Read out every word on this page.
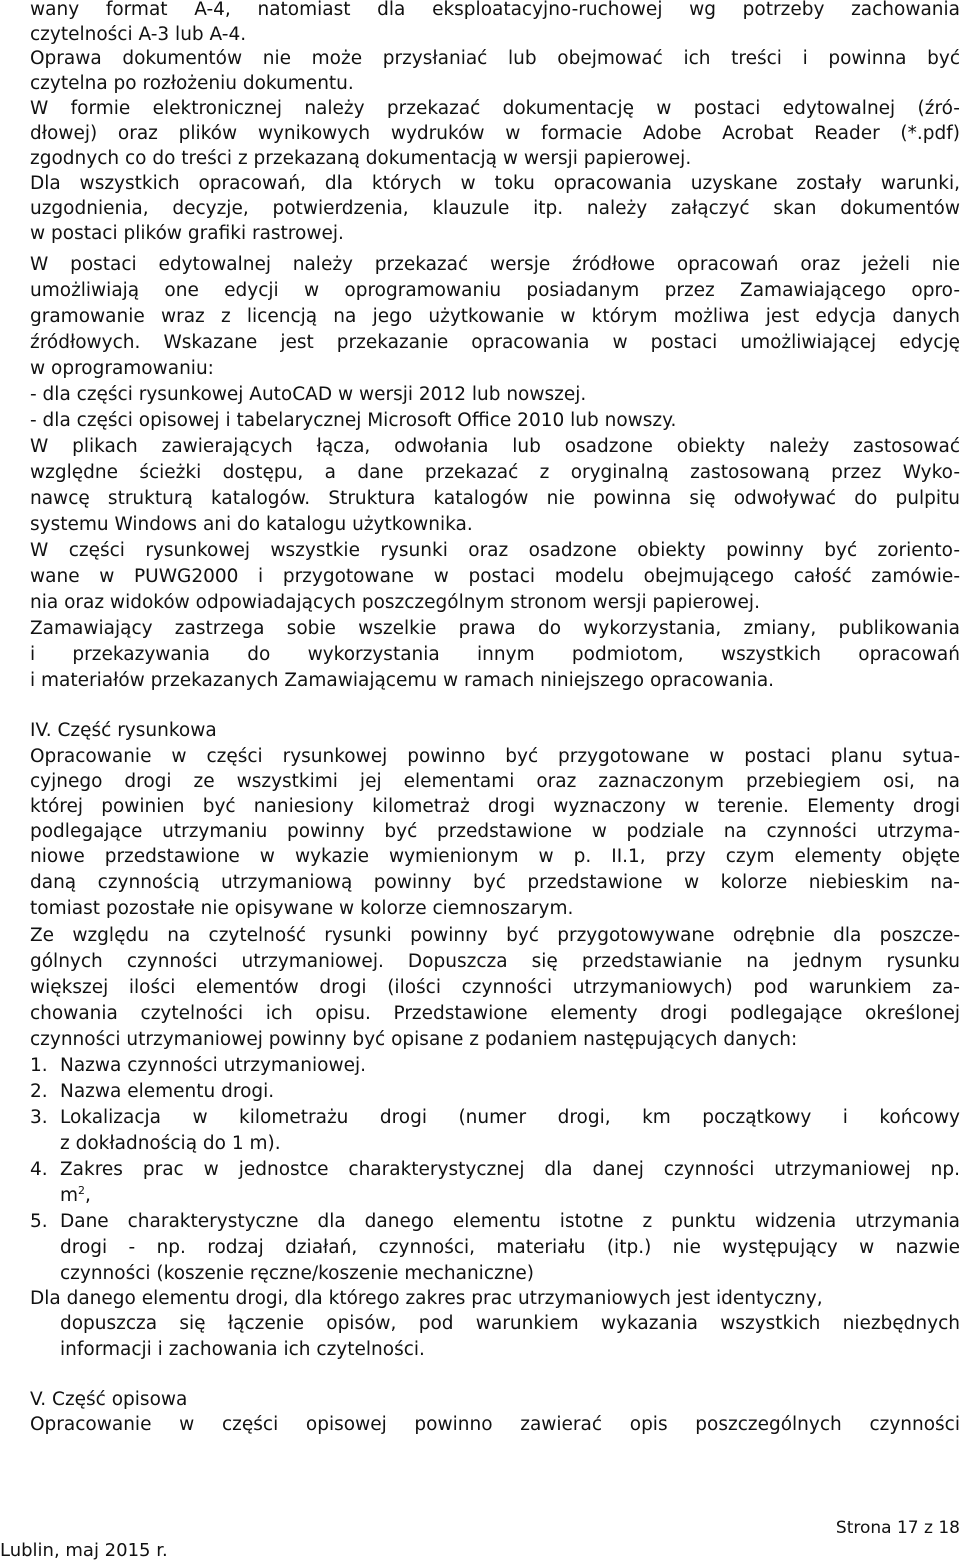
wany format A-4, natomiast dla eksploatacyjno-ruchowej wg potrzeby zachowania
czytelności A-3 lub A-4.
Oprawa dokumentów nie może przysłaniać lub obejmować ich treści i powinna być
czytelna po rozłożeniu dokumentu.
W formie elektronicznej należy przekazać dokumentację w postaci edytowalnej (źró-
dłowej) oraz plików wynikowych wydruków w formacie Adobe Acrobat Reader (*.pdf)
zgodnych co do treści z przekazaną dokumentacją w wersji papierowej.
Dla wszystkich opracowań, dla których w toku opracowania uzyskane zostały warunki,
uzgodnienia, decyzje, potwierdzenia, klauzule itp. należy załączyć skan dokumentów
w postaci plików grafiki rastrowej.
W postaci edytowalnej należy przekazać wersje źródłowe opracowań oraz jeżeli nie
umożliwiają one edycji w oprogramowaniu posiadanym przez Zamawiającego opro-
gramowanie wraz z licencją na jego użytkowanie w którym możliwa jest edycja danych
źródłowych. Wskazane jest przekazanie opracowania w postaci umożliwiającej edycję
w oprogramowaniu:
- dla części rysunkowej AutoCAD w wersji 2012 lub nowszej.
- dla części opisowej i tabelarycznej Microsoft Office 2010 lub nowszy.
W plikach zawierających łącza, odwołania lub osadzone obiekty należy zastosować
względne ścieżki dostępu, a dane przekazać z oryginalną zastosowaną przez Wyko-
nawcę strukturą katalogów. Struktura katalogów nie powinna się odwoływać do pulpitu
systemu Windows ani do katalogu użytkownika.
W części rysunkowej wszystkie rysunki oraz osadzone obiekty powinny być zoriento-
wane w PUWG2000 i przygotowane w postaci modelu obejmującego całość zamówie-
nia oraz widoków odpowiadających poszczególnym stronom wersji papierowej.
Zamawiający zastrzega sobie wszelkie prawa do wykorzystania, zmiany, publikowania
i przekazywania do wykorzystania innym podmiotom, wszystkich opracowań
i materiałów przekazanych Zamawiającemu w ramach niniejszego opracowania.
IV. Część rysunkowa
Opracowanie w części rysunkowej powinno być przygotowane w postaci planu sytua-
cyjnego drogi ze wszystkimi jej elementami oraz zaznaczonym przebiegiem osi, na
której powinien być naniesiony kilometraż drogi wyznaczony w terenie. Elementy drogi
podlegające utrzymaniu powinny być przedstawione w podziale na czynności utrzyma-
niowe przedstawione w wykazie wymienionym w p. II.1, przy czym elementy objęte
daną czynnością utrzymaniową powinny być przedstawione w kolorze niebieskim na-
tomiast pozostałe nie opisywane w kolorze ciemnoszarym.
Ze względu na czytelność rysunki powinny być przygotowywane odrębnie dla poszcze-
gólnych czynności utrzymaniowej. Dopuszcza się przedstawianie na jednym rysunku
większej ilości elementów drogi (ilości czynności utrzymaniowych) pod warunkiem za-
chowania czytelności ich opisu. Przedstawione elementy drogi podlegające określonej
czynności utrzymaniowej powinny być opisane z podaniem następujących danych:
1. Nazwa czynności utrzymaniowej.
2. Nazwa elementu drogi.
3. Lokalizacja w kilometrażu drogi (numer drogi, km początkowy i końcowy
z dokładnością do 1 m).
4. Zakres prac w jednostce charakterystycznej dla danej czynności utrzymaniowej np.
$m^2$,
5. Dane charakterystyczne dla danego elementu istotne z punktu widzenia utrzymania
drogi - np. rodzaj działań, czynności, materiału (itp.) nie występujący w nazwie
czynności (koszenie ręczne/koszenie mechaniczne)
Dla danego elementu drogi, dla którego zakres prac utrzymaniowych jest identyczny,
dopuszcza się łączenie opisów, pod warunkiem wykazania wszystkich niezbędnych
informacji i zachowania ich czytelności.
V. Część opisowa
Opracowanie w części opisowej powinno zawierać opis poszczególnych czynności
Strona 17 z 18
Lublin, maj 2015 r.
